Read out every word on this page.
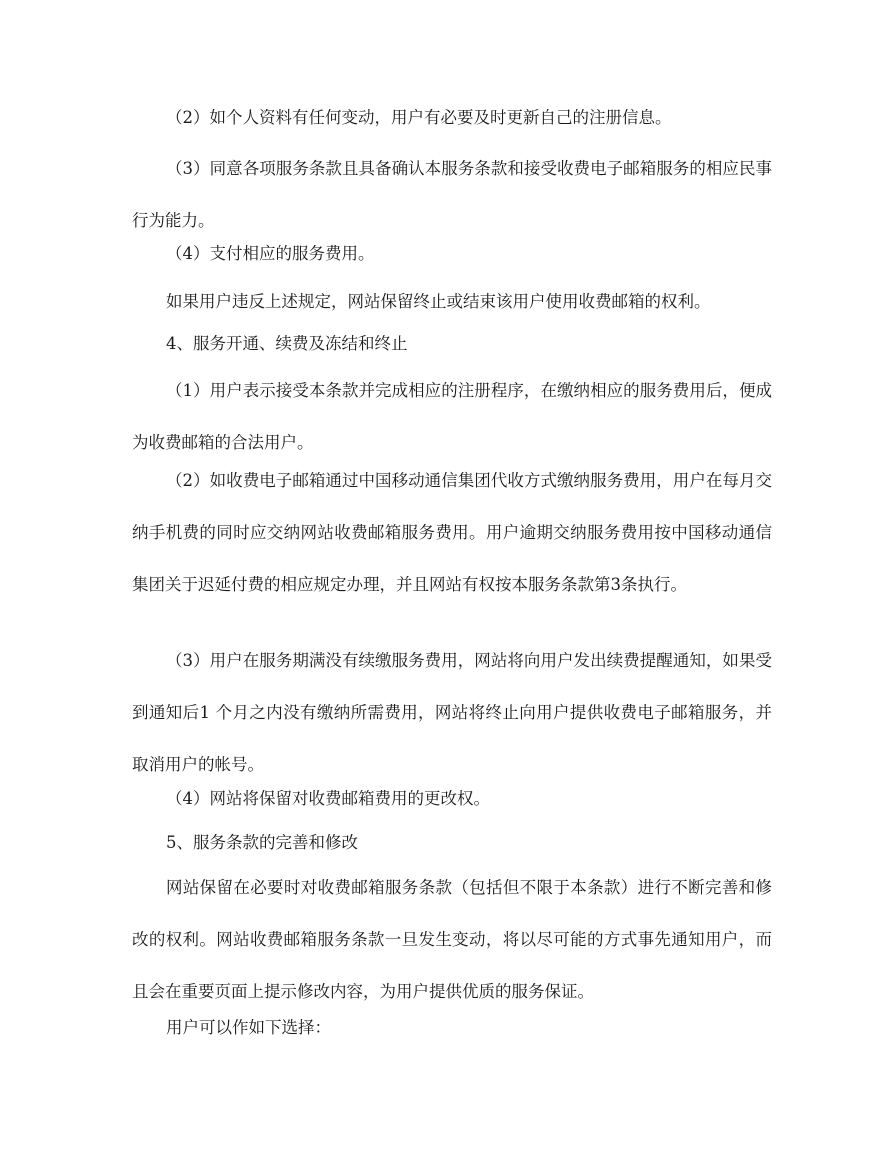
（2）如个人资料有任何变动，用户有必要及时更新自己的注册信息。

（3）同意各项服务条款且具备确认本服务条款和接受收费电子邮箱服务的相应民事行为能力。

（4）支付相应的服务费用。

如果用户违反上述规定，网站保留终止或结束该用户使用收费邮箱的权利。

4、服务开通、续费及冻结和终止

（1）用户表示接受本条款并完成相应的注册程序，在缴纳相应的服务费用后，便成为收费邮箱的合法用户。

（2）如收费电子邮箱通过中国移动通信集团代收方式缴纳服务费用，用户在每月交纳手机费的同时应交纳网站收费邮箱服务费用。用户逾期交纳服务费用按中国移动通信集团关于迟延付费的相应规定办理，并且网站有权按本服务条款第3条执行。

（3）用户在服务期满没有续缴服务费用，网站将向用户发出续费提醒通知，如果受到通知后1 个月之内没有缴纳所需费用，网站将终止向用户提供收费电子邮箱服务，并取消用户的帐号。

（4）网站将保留对收费邮箱费用的更改权。

5、服务条款的完善和修改

网站保留在必要时对收费邮箱服务条款（包括但不限于本条款）进行不断完善和修改的权利。网站收费邮箱服务条款一旦发生变动，将以尽可能的方式事先通知用户，而且会在重要页面上提示修改内容，为用户提供优质的服务保证。

用户可以作如下选择：
